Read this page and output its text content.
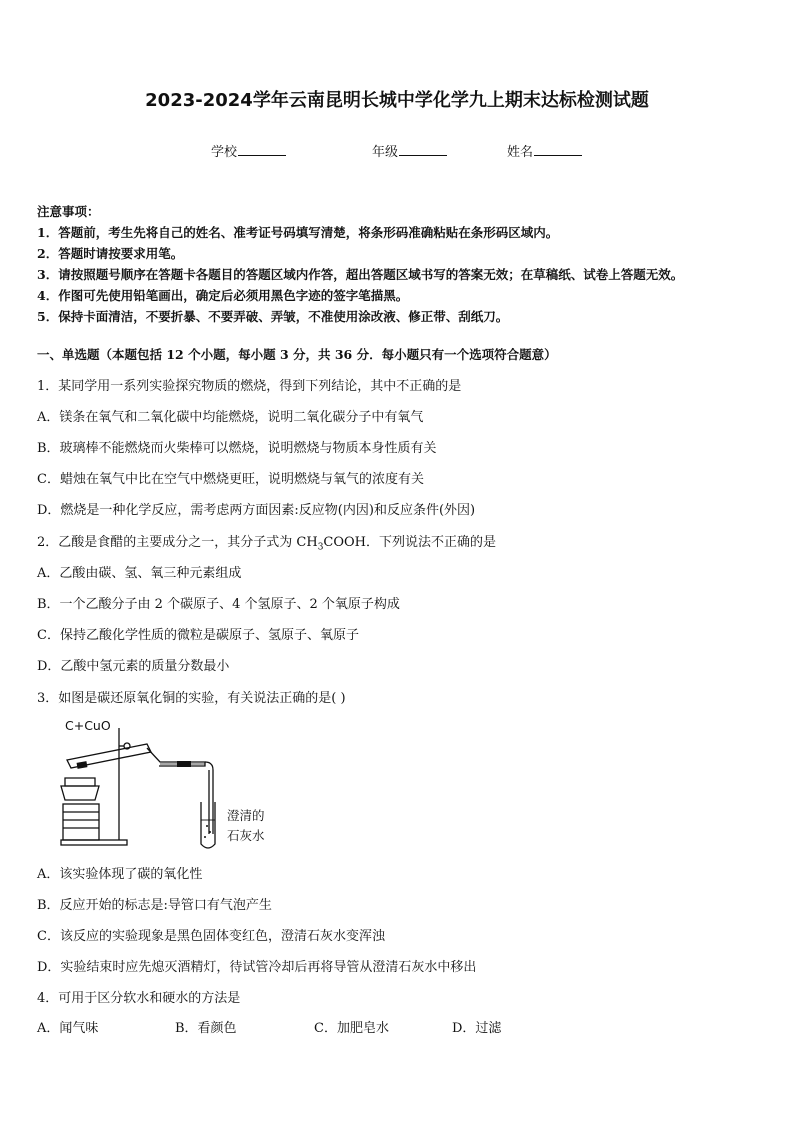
2023-2024学年云南昆明长城中学化学九上期末达标检测试题
学校	年级	姓名
注意事项：
1．答题前，考生先将自己的姓名、准考证号码填写清楚，将条形码准确粘贴在条形码区域内。
2．答题时请按要求用笔。
3．请按照题号顺序在答题卡各题目的答题区域内作答，超出答题区域书写的答案无效；在草稿纸、试卷上答题无效。
4．作图可先使用铅笔画出，确定后必须用黑色字迹的签字笔描黑。
5．保持卡面清洁，不要折暴、不要弄破、弄皱，不准使用涂改液、修正带、刮纸刀。
一、单选题（本题包括 12 个小题，每小题 3 分，共 36 分．每小题只有一个选项符合题意）
1．某同学用一系列实验探究物质的燃烧，得到下列结论，其中不正确的是
A．镁条在氧气和二氧化碳中均能燃烧，说明二氧化碳分子中有氧气
B．玻璃棒不能燃烧而火柴棒可以燃烧，说明燃烧与物质本身性质有关
C．蜡烛在氧气中比在空气中燃烧更旺，说明燃烧与氧气的浓度有关
D．燃烧是一种化学反应，需考虑两方面因素:反应物(内因)和反应条件(外因)
2．乙酸是食醋的主要成分之一，其分子式为 $CH_3COOH$．下列说法不正确的是
A．乙酸由碳、氢、氧三种元素组成
B．一个乙酸分子由 2 个碳原子、4 个氢原子、2 个氧原子构成
C．保持乙酸化学性质的微粒是碳原子、氢原子、氧原子
D．乙酸中氢元素的质量分数最小
3．如图是碳还原氧化铜的实验，有关说法正确的是( )
C+CuO
澄清的
石灰水
A．该实验体现了碳的氧化性
B．反应开始的标志是:导管口有气泡产生
C．该反应的实验现象是黑色固体变红色，澄清石灰水变浑浊
D．实验结束时应先熄灭酒精灯，待试管冷却后再将导管从澄清石灰水中移出
4．可用于区分软水和硬水的方法是
A．闻气味	B．看颜色	C．加肥皂水	D．过滤
